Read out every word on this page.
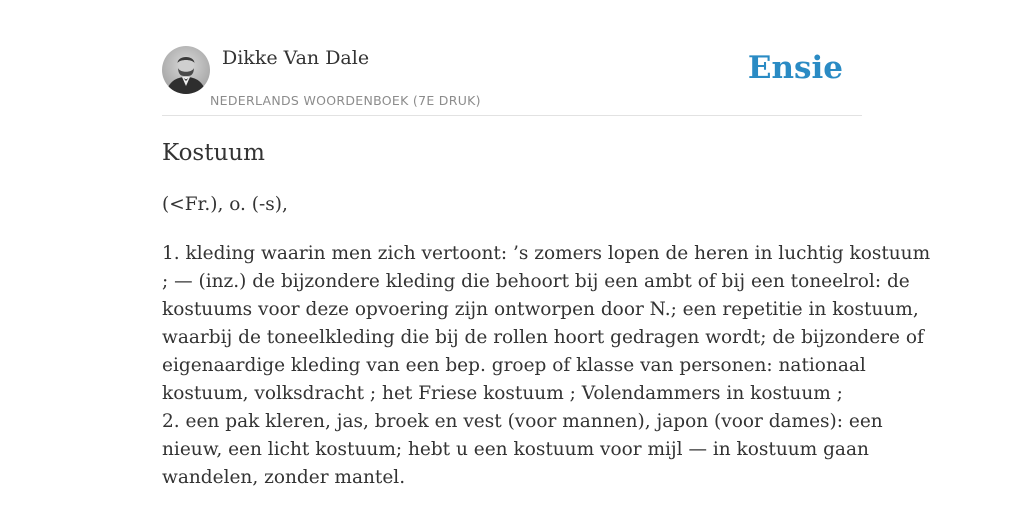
Dikke Van Dale
NEDERLANDS WOORDENBOEK (7E DRUK)
Ensie
Kostuum

(<Fr.), o. (-s),

1. kleding waarin men zich vertoont: ’s zomers lopen de heren in luchtig kostuum
; — (inz.) de bijzondere kleding die behoort bij een ambt of bij een toneelrol: de
kostuums voor deze opvoering zijn ontworpen door N.; een repetitie in kostuum,
waarbij de toneelkleding die bij de rollen hoort gedragen wordt; de bijzondere of
eigenaardige kleding van een bep. groep of klasse van personen: nationaal
kostuum, volksdracht ; het Friese kostuum ; Volendammers in kostuum ;
2. een pak kleren, jas, broek en vest (voor mannen), japon (voor dames): een
nieuw, een licht kostuum; hebt u een kostuum voor mijl — in kostuum gaan
wandelen, zonder mantel.
